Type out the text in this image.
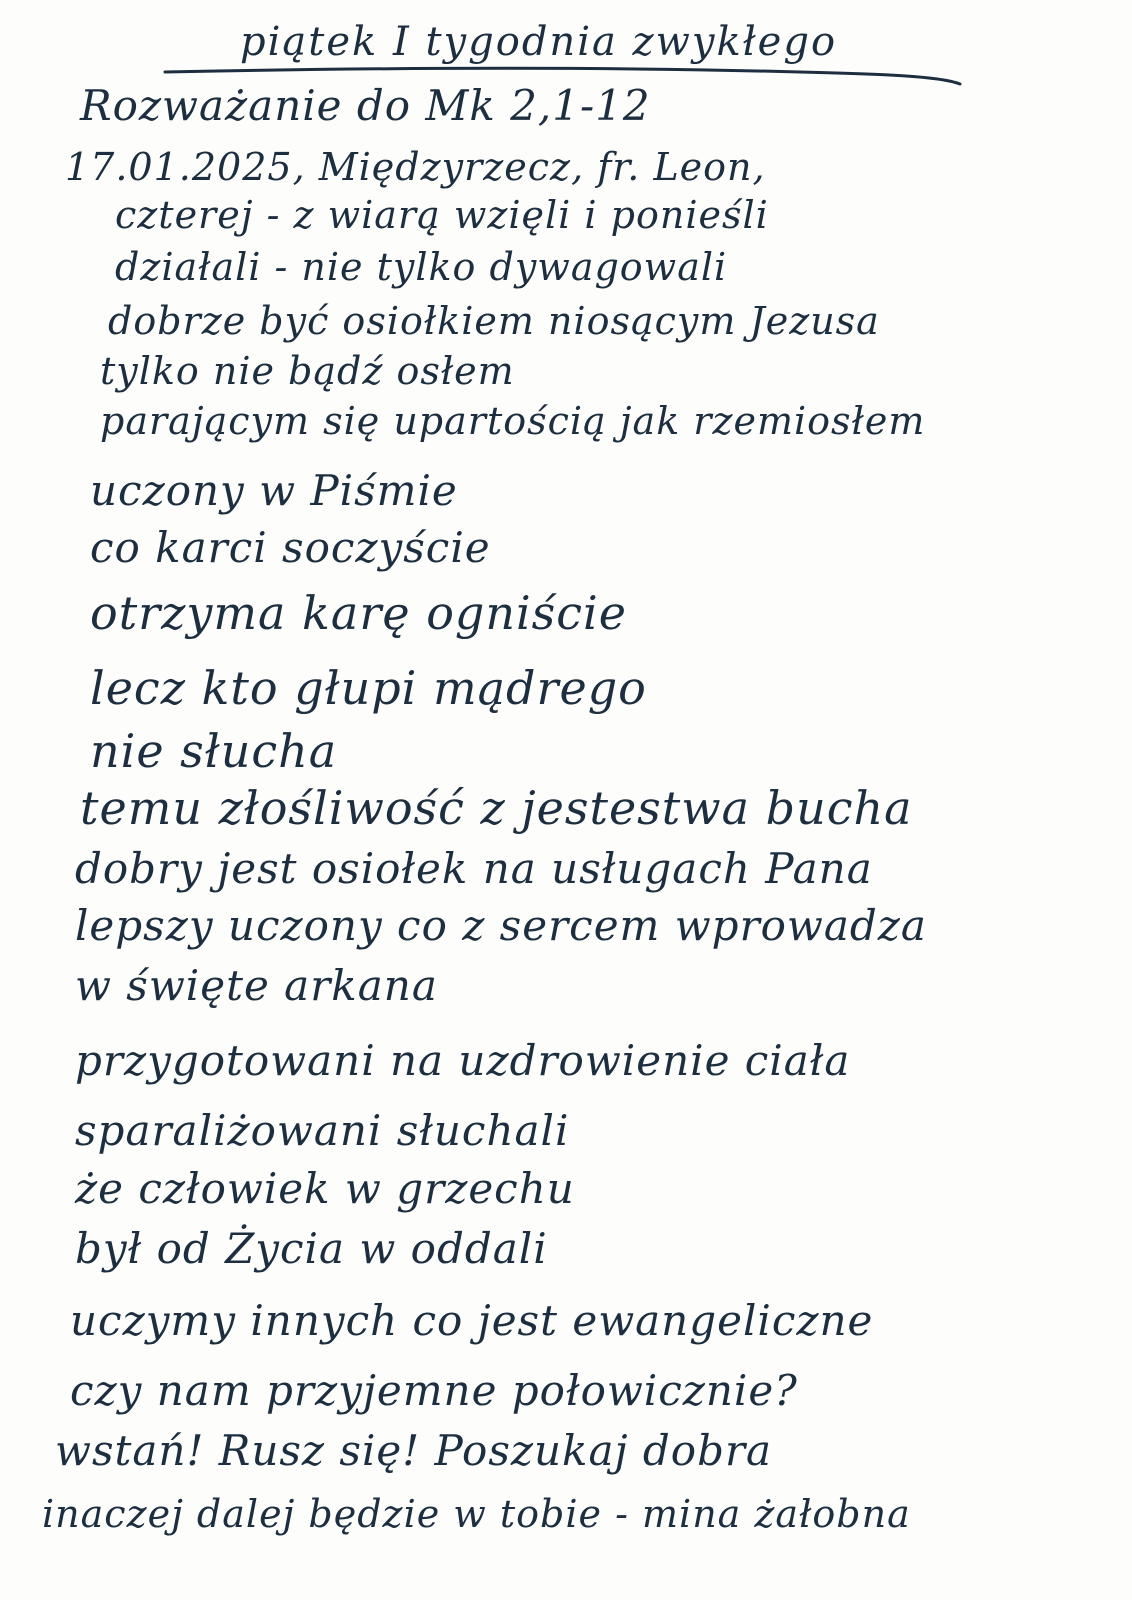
piątek I tygodnia zwykłego
Rozważanie do Mk 2,1-12
17.01.2025, Międzyrzecz, fr. Leon,
czterej - z wiarą wzięli i ponieśli
działali - nie tylko dywagowali
dobrze być osiołkiem niosącym Jezusa
tylko nie bądź osłem
parającym się upartością jak rzemiosłem
uczony w Piśmie
co karci soczyście
otrzyma karę ogniście
lecz kto głupi mądrego
nie słucha
temu złośliwość z jestestwa bucha
dobry jest osiołek na usługach Pana
lepszy uczony co z sercem wprowadza
w święte arkana
przygotowani na uzdrowienie ciała
sparaliżowani słuchali
że człowiek w grzechu
był od Życia w oddali
uczymy innych co jest ewangeliczne
czy nam przyjemne połowicznie?
wstań! Rusz się! Poszukaj dobra
inaczej dalej będzie w tobie - mina żałobna
